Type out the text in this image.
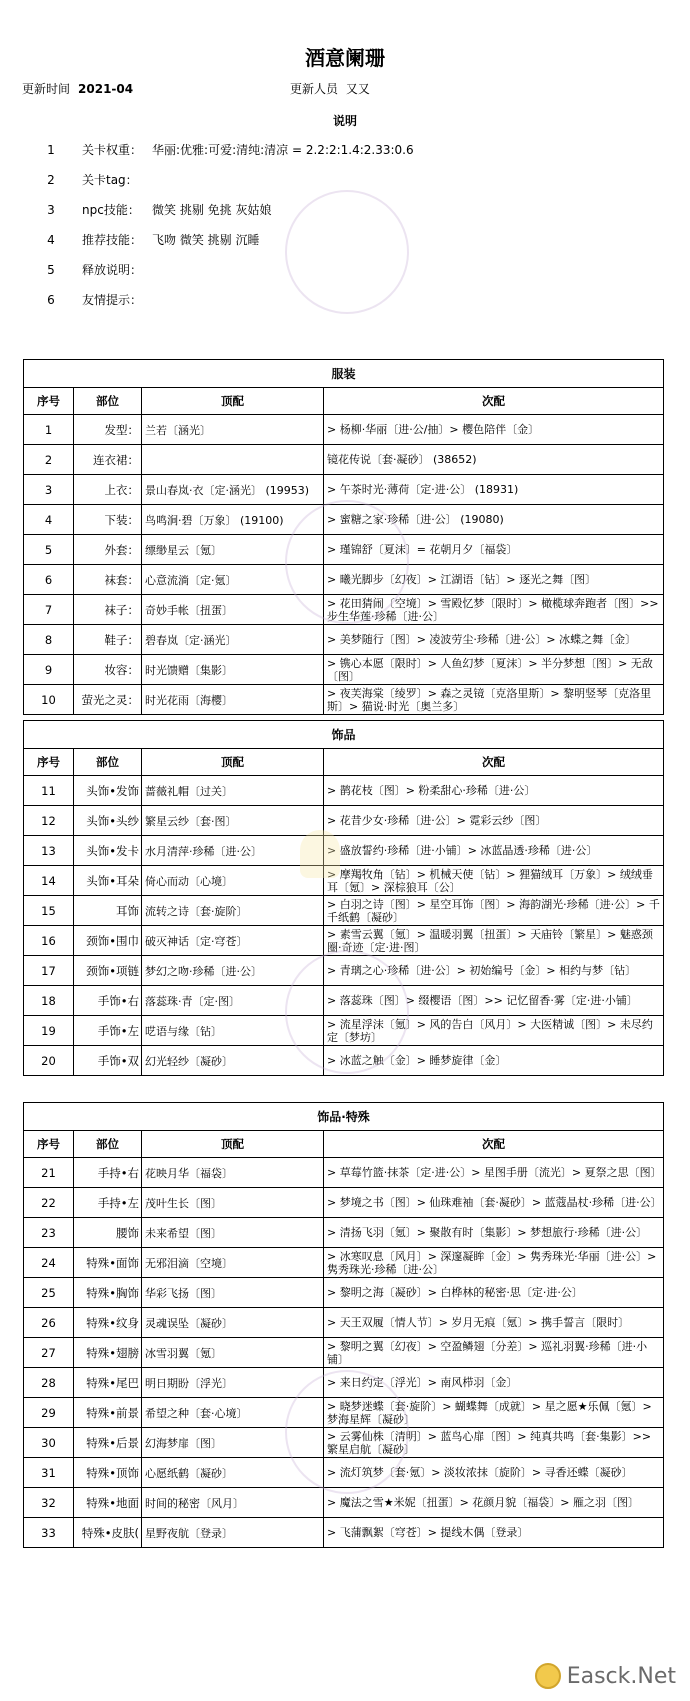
酒意阑珊
更新时间 2021-04	更新人员 又又
说明
1 关卡权重： 华丽:优雅:可爱:清纯:清凉 = 2.2:2:1.4:2.33:0.6
2 关卡tag：
3 npc技能： 微笑 挑剔 免挑 灰姑娘
4 推荐技能： 飞吻 微笑 挑剔 沉睡
5 释放说明：
6 友情提示：
服装			
序号	部位	顶配	次配
1	发型：	兰若〔涵光〕	> 杨柳·华丽〔进·公/抽〕> 樱色陪伴〔金〕
2	连衣裙：		镜花传说〔套·凝砂〕 (38652)
3	上衣：	景山春岚·衣〔定·涵光〕 (19953)	> 午茶时光·薄荷〔定·进·公〕 (18931)
4	下装：	鸟鸣涧·碧〔万象〕 (19100)	> 蜜糖之家·珍稀〔进·公〕 (19080)
5	外套：	缥缈星云〔氪〕	> 瑾锦舒〔夏沫〕= 花朝月夕〔福袋〕
6	袜套：	心意流淌〔定·氪〕	> 曦光脚步〔幻夜〕> 江湖语〔钻〕> 逐光之舞〔图〕
7	袜子：	奇妙手帐〔扭蛋〕	> 花田猜闹〔空境〕> 雪殿忆梦〔限时〕> 橄榄球奔跑者〔图〕>> 步生华莲·珍稀〔进·公〕
8	鞋子：	碧春岚〔定·涵光〕	> 美梦随行〔图〕> 凌波劳尘·珍稀〔进·公〕> 冰蝶之舞〔金〕
9	妆容：	时光馈赠〔集影〕	> 镌心本愿〔限时〕> 人鱼幻梦〔夏沫〕> 半分梦想〔图〕> 无敌〔图〕
10	萤光之灵：	时光花雨〔海樱〕	> 夜芙海棠〔绫罗〕> 森之灵镜〔克洛里斯〕> 黎明竖琴〔克洛里斯〕> 猫说·时光〔奥兰多〕
饰品			
序号	部位	顶配	次配
11	头饰•发饰	蔷薇礼帽〔过关〕	> 鹊花枝〔图〕> 粉柔甜心·珍稀〔进·公〕
12	头饰•头纱	繁星云纱〔套·图〕	> 花昔少女·珍稀〔进·公〕> 霓彩云纱〔图〕
13	头饰•发卡	水月清萍·珍稀〔进·公〕	> 盛放誓约·珍稀〔进·小铺〕> 冰蓝晶透·珍稀〔进·公〕
14	头饰•耳朵	倚心而动〔心境〕	> 摩羯牧角〔钻〕> 机械天使〔钻〕> 狸猫绒耳〔万象〕> 绒绒垂耳〔氪〕> 深棕狼耳〔公〕
15	耳饰	流转之诗〔套·旋阶〕	> 白羽之诗〔图〕> 星空耳饰〔图〕> 海韵湖光·珍稀〔进·公〕> 千千纸鹤〔凝砂〕
16	颈饰•围巾	破灭神话〔定·穹苍〕	> 素雪云翼〔氪〕> 温暖羽翼〔扭蛋〕> 天庙铃〔繁星〕> 魅惑颈圈·奇迹〔定·进·图〕
17	颈饰•项链	梦幻之吻·珍稀〔进·公〕	> 青璃之心·珍稀〔进·公〕> 初始编号〔金〕> 相约与梦〔钻〕
18	手饰•右	落蕊珠·青〔定·图〕	> 落蕊珠〔图〕> 缀樱语〔图〕>> 记忆留香·雾〔定·进·小铺〕
19	手饰•左	呓语与缘〔钻〕	> 流星浮沫〔氪〕> 风的告白〔风月〕> 大医精诚〔图〕> 未尽约定〔梦坊〕
20	手饰•双	幻光轻纱〔凝砂〕	> 冰蓝之触〔金〕> 睡梦旋律〔金〕
饰品·特殊			
序号	部位	顶配	次配
21	手持•右	花映月华〔福袋〕	> 草莓竹篮·抹茶〔定·进·公〕> 星图手册〔流光〕> 夏祭之思〔图〕
22	手持•左	茂叶生长〔图〕	> 梦境之书〔图〕> 仙珠难袖〔套·凝砂〕> 蓝蔻晶杖·珍稀〔进·公〕
23	腰饰	未来希望〔图〕	> 清扬飞羽〔氪〕> 聚散有时〔集影〕> 梦想旅行·珍稀〔进·公〕
24	特殊•面饰	无邪泪滴〔空境〕	> 冰寒叹息〔风月〕> 深邃凝眸〔金〕> 隽秀珠光·华丽〔进·公〕> 隽秀珠光·珍稀〔进·公〕
25	特殊•胸饰	华彩飞扬〔图〕	> 黎明之海〔凝砂〕> 白桦林的秘密·思〔定·进·公〕
26	特殊•纹身	灵魂误坠〔凝砂〕	> 天王双履〔情人节〕> 岁月无痕〔氪〕> 携手誓言〔限时〕
27	特殊•翅膀	冰雪羽翼〔氪〕	> 黎明之翼〔幻夜〕> 空盈鳞翅〔分差〕> 巡礼羽翼·珍稀〔进·小铺〕
28	特殊•尾巴	明日期盼〔浮光〕	> 来日约定〔浮光〕> 南风栉羽〔金〕
29	特殊•前景	希望之种〔套·心境〕	> 晓梦迷蝶〔套·旋阶〕> 蝴蝶舞〔成就〕> 星之愿★乐佩〔氪〕> 梦海星辉〔凝砂〕
30	特殊•后景	幻海梦扉〔图〕	> 云雾仙株〔清明〕> 蓝鸟心扉〔图〕> 纯真共鸣〔套·集影〕>> 繁星启航〔凝砂〕
31	特殊•顶饰	心愿纸鹤〔凝砂〕	> 流灯筑梦〔套·氪〕> 淡妆浓抹〔旋阶〕> 寻香还蝶〔凝砂〕
32	特殊•地面	时间的秘密〔风月〕	> 魔法之雪★米妮〔扭蛋〕> 花颜月貌〔福袋〕> 雁之羽〔图〕
33	特殊•皮肤(	星野夜航〔登录〕	> 飞蒲飘絮〔穹苍〕> 提线木偶〔登录〕
Easck.Net
